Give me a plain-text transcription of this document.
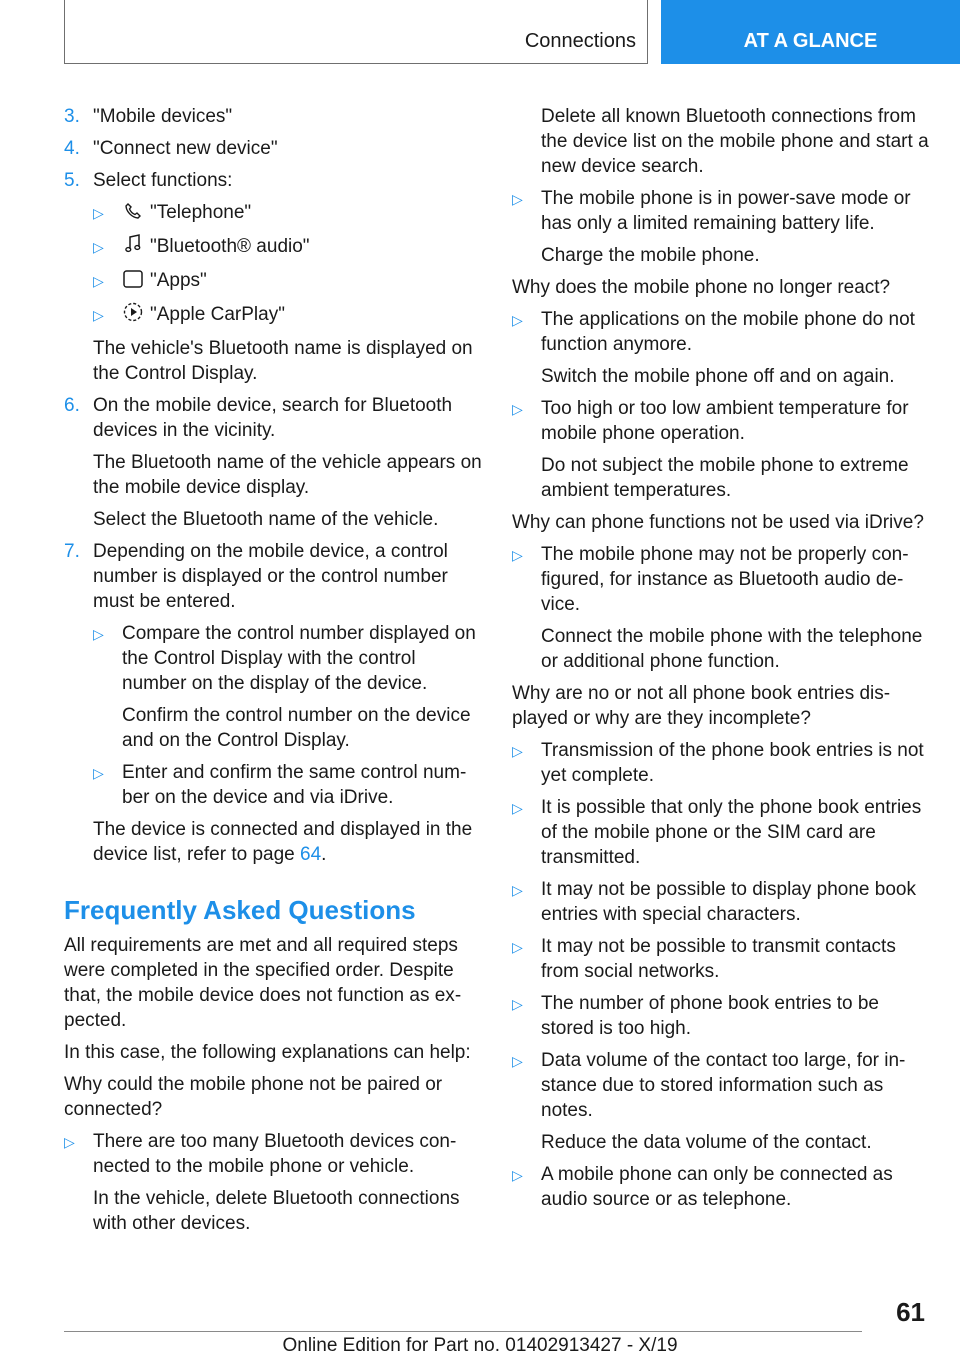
Connections	AT A GLANCE
3. "Mobile devices"

4. "Connect new device"

5. Select functions:

▷ "Telephone"
▷ "Bluetooth® audio"
▷ "Apps"
▷ "Apple CarPlay"

The vehicle's Bluetooth name is displayed on the Control Display.

6. On the mobile device, search for Bluetooth devices in the vicinity.

The Bluetooth name of the vehicle appears on the mobile device display.

Select the Bluetooth name of the vehicle.

7. Depending on the mobile device, a control number is displayed or the control number must be entered.

▷ Compare the control number displayed on the Control Display with the control number on the display of the device.

Confirm the control number on the device and on the Control Display.

▷ Enter and confirm the same control number on the device and via iDrive.

The device is connected and displayed in the device list, refer to page 64.

Frequently Asked Questions

All requirements are met and all required steps were completed in the specified order. Despite that, the mobile device does not function as expected.

In this case, the following explanations can help:

Why could the mobile phone not be paired or connected?

▷ There are too many Bluetooth devices connected to the mobile phone or vehicle.

In the vehicle, delete Bluetooth connections with other devices.

Delete all known Bluetooth connections from the device list on the mobile phone and start a new device search.

▷ The mobile phone is in power-save mode or has only a limited remaining battery life.

Charge the mobile phone.

Why does the mobile phone no longer react?

▷ The applications on the mobile phone do not function anymore.

Switch the mobile phone off and on again.

▷ Too high or too low ambient temperature for mobile phone operation.

Do not subject the mobile phone to extreme ambient temperatures.

Why can phone functions not be used via iDrive?

▷ The mobile phone may not be properly configured, for instance as Bluetooth audio device.

Connect the mobile phone with the telephone or additional phone function.

Why are no or not all phone book entries displayed or why are they incomplete?

▷ Transmission of the phone book entries is not yet complete.

▷ It is possible that only the phone book entries of the mobile phone or the SIM card are transmitted.

▷ It may not be possible to display phone book entries with special characters.

▷ It may not be possible to transmit contacts from social networks.

▷ The number of phone book entries to be stored is too high.

▷ Data volume of the contact too large, for instance due to stored information such as notes.

Reduce the data volume of the contact.

▷ A mobile phone can only be connected as audio source or as telephone.

61
Online Edition for Part no. 01402913427 - X/19
